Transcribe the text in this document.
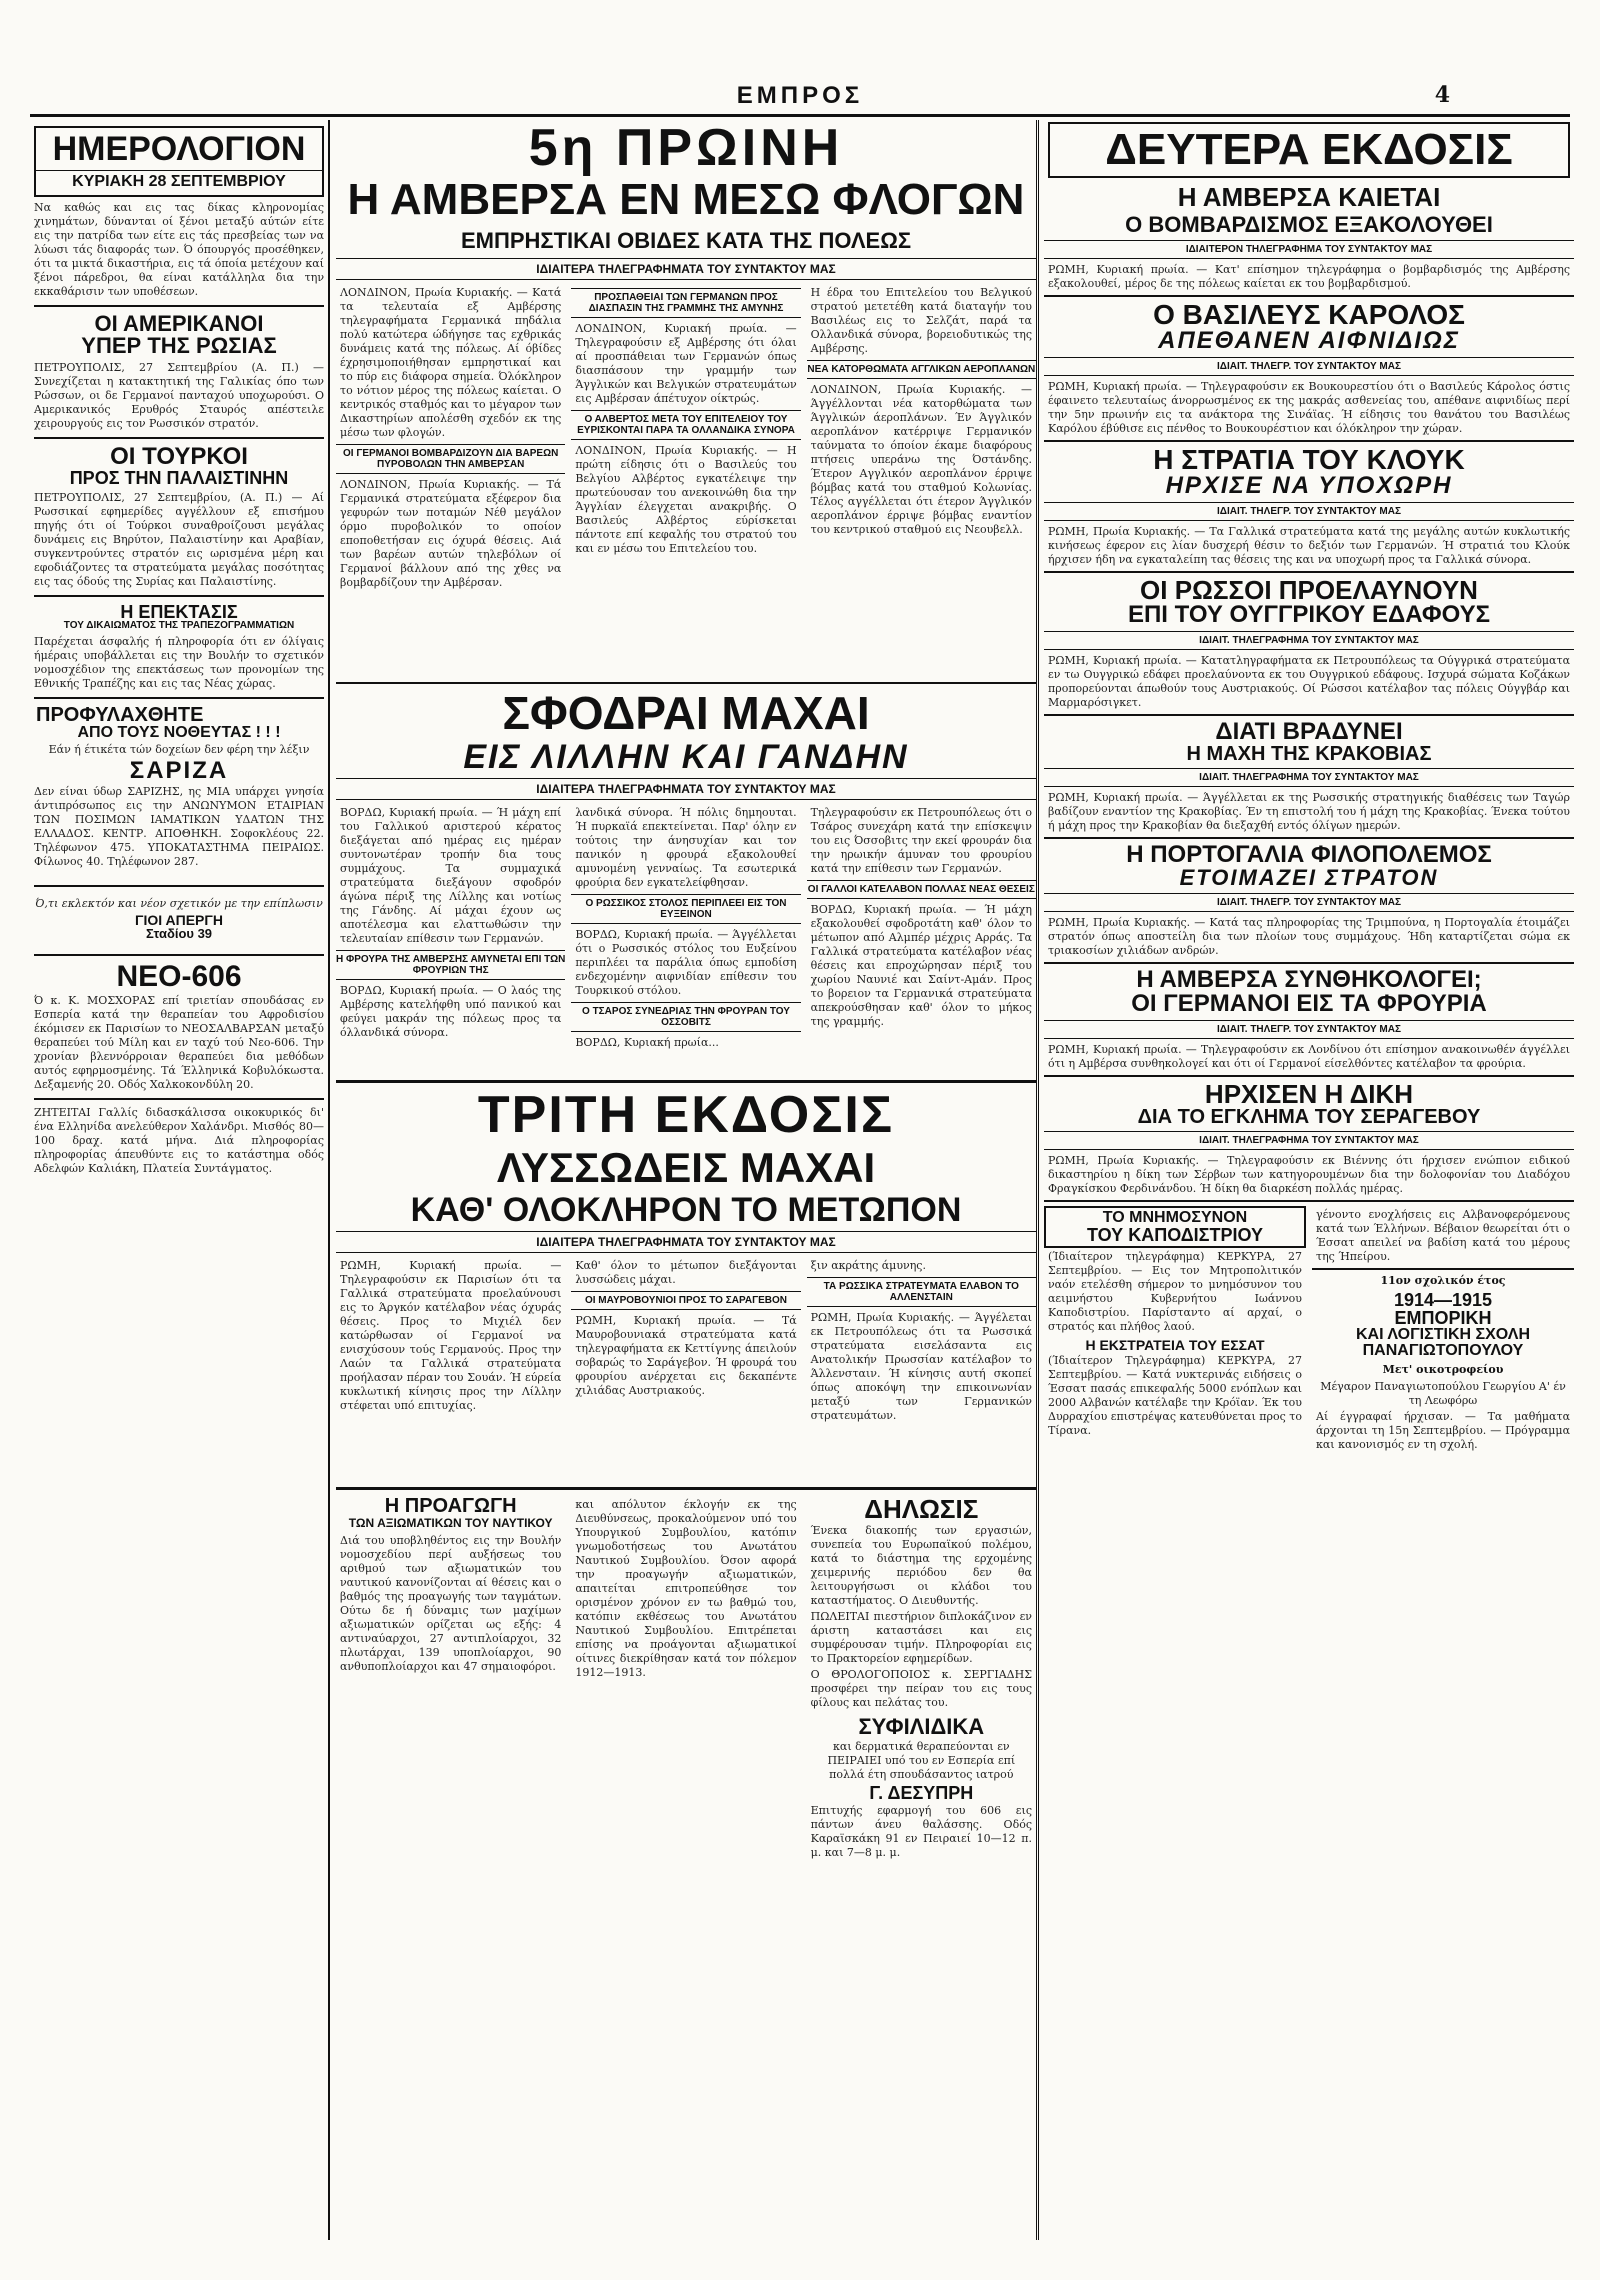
ΕΜΠΡΟΣ	4
ΗΜΕΡΟΛΟΓΙΟΝ
ΚΥΡΙΑΚΗ 28 ΣΕΠΤΕΜΒΡΙΟΥ
Να καθώς και εις τας δίκας κληρονομίας χινημάτων, δύνανται οί ξένοι μεταξύ αύτών είτε εις την πατρίδα των είτε εις τάς πρεσβείας των να λύωσι τάς διαφοράς των. Ό όπουργός προσέθηκεν, ότι τα μικτά δικαστήρια, εις τά όποία μετέχουν καί ξένοι πάρεδροι, θα είναι κατάλληλα δια την εκκαθάρισιν των υποθέσεων.
ΟΙ ΑΜΕΡΙΚΑΝΟΙ
ΥΠΕΡ ΤΗΣ ΡΩΣΙΑΣ
ΠΕΤΡΟΥΠΟΛΙΣ, 27 Σεπτεμβρίου (Α. Π.) — Συνεχίζεται η κατακτητική της Γαλικίας όπο των Ρώσσων, οι δε Γερμανοί πανταχού υποχωρούσι. Ο Αμερικανικός Ερυθρός Σταυρός απέστειλε χειρουργούς εις τον Ρωσσικόν στρατόν.
ΟΙ ΤΟΥΡΚΟΙ
ΠΡΟΣ ΤΗΝ ΠΑΛΑΙΣΤΙΝΗΝ
ΠΕΤΡΟΥΠΟΛΙΣ, 27 Σεπτεμβρίου, (Α. Π.) — Αί Ρωσσικαί εφημερίδες αγγέλλουν εξ επισήμου πηγής ότι οί Τούρκοι συναθροίζουσι μεγάλας δυνάμεις εις Βηρύτον, Παλαιστίνην και Αραβίαν, συγκεντρούντες στρατόν εις ωρισμένα μέρη και εφοδιάζοντες τα στρατεύματα μεγάλας ποσότητας εις τας όδούς της Συρίας και Παλαιστίνης.
Η ΕΠΕΚΤΑΣΙΣ
ΤΟΥ ΔΙΚΑΙΩΜΑΤΟΣ ΤΗΣ ΤΡΑΠΕΖΟΓΡΑΜΜΑΤΙΩΝ
Παρέχεται άσφαλής ή πληροφορία ότι εν όλίγαις ήμέραις υποβάλλεται εις την Βουλήν το σχετικόν νομοσχέδιον της επεκτάσεως των προνομίων της Εθνικής Τραπέζης και εις τας Νέας χώρας.
ΠΡΟΦΥΛΑΧΘΗΤΕ
ΑΠΟ ΤΟΥΣ ΝΟΘΕΥΤΑΣ ! ! !
Εάν ή έτικέτα τών δοχείων δεν φέρη την λέξιν
ΣΑΡΙΖΑ
Δεν είναι ύδωρ ΣΑΡΙΖΗΣ, ης ΜΙΑ υπάρχει γνησία άντιπρόσωπος εις την ΑΝΩΝΥΜΟΝ ΕΤΑΙΡΙΑΝ ΤΩΝ ΠΟΣΙΜΩΝ ΙΑΜΑΤΙΚΩΝ ΥΔΑΤΩΝ ΤΗΣ ΕΛΛΑΔΟΣ. ΚΕΝΤΡ. ΑΠΟΘΗΚΗ. Σοφοκλέους 22. Τηλέφωνον 475. ΥΠΟΚΑΤΑΣΤΗΜΑ ΠΕΙΡΑΙΩΣ. Φίλωνος 40. Τηλέφωνον 287.
Ό,τι εκλεκτόν και νέον σχετικόν με την επίπλωσιν
ΓΙΟΙ ΑΠΕΡΓΗ
Σταδίου 39
ΝΕΟ-606
Ό κ. Κ. ΜΟΣΧΟΡΑΣ επί τριετίαν σπουδάσας εν Εσπερία κατά την θεραπείαν του Αφροδισίου έκόμισεν εκ Παρισίων το ΝΕΟΣΑΛΒΑΡΣΑΝ μεταξύ θεραπεύει τού Μίλη και εν ταχύ τού Νεο-606. Την χρονίαν βλεννόρροιαν θεραπεύει δια μεθόδων αυτός εφηρμοσμένης. Τά Έλληνικά Κοβυλόκωστα. Δεξαμενής 20. Οδός Χαλκοκονδύλη 20.
ΖΗΤΕΙΤΑΙ Γαλλίς διδασκάλισσα οικοκυρικός δι' ένα Ελληνίδα ανελεύθερον Χαλάνδρι. Μισθός 80—100 δραχ. κατά μήνα. Διά πληροφορίας πληροφορίας άπευθύντε εις το κατάστημα οδός Αδελφών Καλιάκη, Πλατεία Συντάγματος.
5η ΠΡΩΙΝΗ
Η ΑΜΒΕΡΣΑ ΕΝ ΜΕΣΩ ΦΛΟΓΩΝ
ΕΜΠΡΗΣΤΙΚΑΙ ΟΒΙΔΕΣ ΚΑΤΑ ΤΗΣ ΠΟΛΕΩΣ
ΙΔΙΑΙΤΕΡΑ ΤΗΛΕΓΡΑΦΗΜΑΤΑ ΤΟΥ ΣΥΝΤΑΚΤΟΥ ΜΑΣ
ΛΟΝΔΙΝΟΝ, Πρωία Κυριακής. — Κατά τα τελευταία εξ Αμβέρσης τηλεγραφήματα Γερμανικά πηδάλια πολύ κατώτερα ώδήγησε τας εχθρικάς δυνάμεις κατά της πόλεως. Αί όβίδες έχρησιμοποιήθησαν εμπρηστικαί και το πύρ εις διάφορα σημεία. Όλόκληρον το νότιον μέρος της πόλεως καίεται. Ο κεντρικός σταθμός και το μέγαρον των Δικαστηρίων απολέσθη σχεδόν εκ της μέσω των φλογών.
ΟΙ ΓΕΡΜΑΝΟΙ ΒΟΜΒΑΡΔΙΖΟΥΝ ΔΙΑ ΒΑΡΕΩΝ ΠΥΡΟΒΟΛΩΝ ΤΗΝ ΑΜΒΕΡΣΑΝ
ΛΟΝΔΙΝΟΝ, Πρωία Κυριακής. — Τά Γερμανικά στρατεύματα εξέφερον δια γεφυρών των ποταμών Νέθ μεγάλον όρμο πυροβολικόν το οποίον εποποθετήσαν εις όχυρά θέσεις. Αιά των βαρέων αυτών τηλεβόλων οί Γερμανοί βάλλουν από της χθες να βομβαρδίζουν την Αμβέρσαν.
ΠΡΟΣΠΑΘΕΙΑΙ ΤΩΝ ΓΕΡΜΑΝΩΝ ΠΡΟΣ ΔΙΑΣΠΑΣΙΝ ΤΗΣ ΓΡΑΜΜΗΣ ΤΗΣ ΑΜΥΝΗΣ
ΛΟΝΔΙΝΟΝ, Κυριακή πρωία. — Τηλεγραφούσιν εξ Αμβέρσης ότι όλαι αί προσπάθειαι των Γερμανών όπως διασπάσουν την γραμμήν των Άγγλικών και Βελγικών στρατευμάτων εις Αμβέρσαν άπέτυχον οίκτρώς.
Ο ΑΛΒΕΡΤΟΣ ΜΕΤΑ ΤΟΥ ΕΠΙΤΕΛΕΙΟΥ ΤΟΥ ΕΥΡΙΣΚΟΝΤΑΙ ΠΑΡΑ ΤΑ ΟΛΛΑΝΔΙΚΑ ΣΥΝΟΡΑ
ΛΟΝΔΙΝΟΝ, Πρωία Κυριακής. — Η πρώτη είδησις ότι ο Βασιλεύς του Βελγίου Αλβέρτος εγκατέλειψε την πρωτεύουσαν του ανεκοινώθη δια την Άγγλίαν έλεγχεται ανακριβής. Ο Βασιλεύς Αλβέρτος εύρίσκεται πάντοτε επί κεφαλής του στρατού του και εν μέσω του Επιτελείου του.
Η έδρα του Επιτελείου του Βελγικού στρατού μετετέθη κατά διαταγήν του Βασιλέως εις το Σελζάτ, παρά τα Ολλανδικά σύνορα, βορειοδυτικώς της Αμβέρσης.
ΝΕΑ ΚΑΤΟΡΘΩΜΑΤΑ ΑΓΓΛΙΚΩΝ ΑΕΡΟΠΛΑΝΩΝ
ΛΟΝΔΙΝΟΝ, Πρωία Κυριακής. — Άγγέλλονται νέα κατορθώματα των Άγγλικών άεροπλάνων. Έν Άγγλικόν αεροπλάνον κατέρριψε Γερμανικόν ταύνματα το όποίον έκαμε διαφόρους πτήσεις υπεράνω της Όστάνδης. Έτερον Αγγλικόν αεροπλάνον έρριψε βόμβας κατά του σταθμού Κολωνίας. Τέλος αγγέλλεται ότι έτερον Άγγλικόν αεροπλάνον έρριψε βόμβας εναντίον του κεντρικού σταθμού εις Νεουβελλ.
ΣΦΟΔΡΑΙ ΜΑΧΑΙ
ΕΙΣ ΛΙΛΛΗΝ ΚΑΙ ΓΑΝΔΗΝ
ΙΔΙΑΙΤΕΡΑ ΤΗΛΕΓΡΑΦΗΜΑΤΑ ΤΟΥ ΣΥΝΤΑΚΤΟΥ ΜΑΣ
ΒΟΡΔΩ, Κυριακή πρωία. — Ή μάχη επί του Γαλλικού αριστερού κέρατος διεξάγεται από ημέρας εις ημέραν συντονωτέραν τροπήν δια τους συμμάχους. Τα συμμαχικά στρατεύματα διεξάγουν σφοδρόν άγώνα πέριξ της Λίλλης και νοτίως της Γάνδης. Αί μάχαι έχουν ως αποτέλεσμα και ελαττωθώσιν την τελευταίαν επίθεσιν των Γερμανών.
Η ΦΡΟΥΡΑ ΤΗΣ ΑΜΒΕΡΣΗΣ ΑΜΥΝΕΤΑΙ ΕΠΙ ΤΩΝ ΦΡΟΥΡΙΩΝ ΤΗΣ
ΒΟΡΔΩ, Κυριακή πρωία. — Ο λαός της Αμβέρσης κατελήφθη υπό πανικού και φεύγει μακράν της πόλεως προς τα όλλανδικά σύνορα.
λανδικά σύνορα. Ή πόλις δημηουται. Ή πυρκαϊά επεκτείνεται. Παρ' όλην εν τούτοις την άνησυχίαν και τον πανικόν η φρουρά εξακολουθεί αμυνομένη γενναίως. Τα εσωτερικά φρούρια δεν εγκατελείφθησαν.
Ο ΡΩΣΣΙΚΟΣ ΣΤΟΛΟΣ ΠΕΡΙΠΛΕΕΙ ΕΙΣ ΤΟΝ ΕΥΞΕΙΝΟΝ
ΒΟΡΔΩ, Κυριακή πρωία. — Άγγέλλεται ότι ο Ρωσσικός στόλος του Ευξείνου περιπλέει τα παράλια όπως εμποδίση ενδεχομένην αιφνιδίαν επίθεσιν του Τουρκικού στόλου.
Ο ΤΣΑΡΟΣ ΣΥΝΕΔΡΙΑΣ ΤΗΝ ΦΡΟΥΡΑΝ ΤΟΥ ΟΣΣΟΒΙΤΣ
ΒΟΡΔΩ, Κυριακή πρωία...
Τηλεγραφούσιν εκ Πετρουπόλεως ότι ο Τσάρος συνεχάρη κατά την επίσκεψιν του εις Όσσοβιτς την εκεί φρουράν δια την ηρωικήν άμυναν του φρουρίου κατά την επίθεσιν των Γερμανών.
ΟΙ ΓΑΛΛΟΙ ΚΑΤΕΛΑΒΟΝ ΠΟΛΛΑΣ ΝΕΑΣ ΘΕΣΕΙΣ
ΒΟΡΔΩ, Κυριακή πρωία. — Ή μάχη εξακολουθεί σφοδροτάτη καθ' όλον το μέτωπον από Αλμπέρ μέχρις Αρράς. Τα Γαλλικά στρατεύματα κατέλαβον νέας θέσεις και επροχώρησαν πέριξ του χωρίου Ναυνιέ και Σαίντ-Αμάν. Προς το βορειον τα Γερμανικά στρατεύματα απεκρούσθησαν καθ' όλον το μήκος της γραμμής.
ΤΡΙΤΗ ΕΚΔΟΣΙΣ
ΛΥΣΣΩΔΕΙΣ ΜΑΧΑΙ
ΚΑΘ' ΟΛΟΚΛΗΡΟΝ ΤΟ ΜΕΤΩΠΟΝ
ΙΔΙΑΙΤΕΡΑ ΤΗΛΕΓΡΑΦΗΜΑΤΑ ΤΟΥ ΣΥΝΤΑΚΤΟΥ ΜΑΣ
ΡΩΜΗ, Κυριακή πρωία. — Τηλεγραφούσιν εκ Παρισίων ότι τα Γαλλικά στρατεύματα προελαύνουσι εις το Άργκόν κατέλαβον νέας όχυράς θέσεις. Προς το Μιχιέλ δεν κατώρθωσαν οί Γερμανοί να ενισχύσουν τούς Γερμανούς. Προς την Λαών τα Γαλλικά στρατεύματα προήλασαν πέραν του Σουάν. Ή εύρεία κυκλωτική κίνησις προς την Λίλλην στέφεται υπό επιτυχίας.
Καθ' όλον το μέτωπον διεξάγονται λυσσώδεις μάχαι.
ΟΙ ΜΑΥΡΟΒΟΥΝΙΟΙ ΠΡΟΣ ΤΟ ΣΑΡΑΓΕΒΟΝ
ΡΩΜΗ, Κυριακή πρωία. — Τά Μαυροβουνιακά στρατεύματα κατά τηλεγραφήματα εκ Κεττίγνης άπειλούν σοβαρώς το Σαράγεβον. Ή φρουρά του φρουρίου ανέρχεται εις δεκαπέντε χιλιάδας Αυστριακούς.
ξιν ακράτης άμυνης.
ΤΑ ΡΩΣΣΙΚΑ ΣΤΡΑΤΕΥΜΑΤΑ ΕΛΑΒΟΝ ΤΟ ΑΛΛΕΝΣΤΑΙΝ
ΡΩΜΗ, Πρωία Κυριακής. — Άγγέλεται εκ Πετρουπόλεως ότι τα Ρωσσικά στρατεύματα εισελάσαντα εις Ανατολικήν Πρωσσίαν κατέλαβον το Άλλενσταιν. Ή κίνησις αυτή σκοπεί όπως αποκόψη την επικοινωνίαν μεταξύ των Γερμανικών στρατευμάτων.
Η ΠΡΟΑΓΩΓΗ
ΤΩΝ ΑΞΙΩΜΑΤΙΚΩΝ ΤΟΥ ΝΑΥΤΙΚΟΥ
Διά του υποβληθέντος εις την Βουλήν νομοσχεδίου περί αυξήσεως του αριθμού των αξιωματικών του ναυτικού κανονίζονται αί θέσεις και ο βαθμός της προαγωγής των ταγμάτων. Ούτω δε ή δύναμις των μαχίμων αξιωματικών ορίζεται ως εξής: 4 αντιναύαρχοι, 27 αντιπλοίαρχοι, 32 πλωτάρχαι, 139 υποπλοίαρχοι, 90 ανθυποπλοίαρχοι και 47 σημαιοφόροι.
και απόλυτον έκλογήν εκ της Διευθύνσεως, προκαλούμενον υπό του Υπουργικού Συμβουλίου, κατόπιν γνωμοδοτήσεως του Ανωτάτου Ναυτικού Συμβουλίου. Όσον αφορά την προαγωγήν αξιωματικών, απαιτείται επιτροπεύθησε τον ορισμένον χρόνον εν τω βαθμώ του, κατόπιν εκθέσεως του Ανωτάτου Ναυτικού Συμβουλίου. Επιτρέπεται επίσης να προάγονται αξιωματικοί οίτινες διεκρίθησαν κατά τον πόλεμον 1912—1913.
ΔΗΛΩΣΙΣ
Ένεκα διακοπής των εργασιών, συνεπεία του Ευρωπαϊκού πολέμου, κατά το διάστημα της ερχομένης χειμερινής περιόδου δεν θα λειτουργήσωσι οι κλάδοι του καταστήματος. Ο Διευθυντής.
ΠΩΛΕΙΤΑΙ πιεστήριον διπλοκάζινον εν άριστη καταστάσει και εις συμφέρουσαν τιμήν. Πληροφορίαι εις το Πρακτορείον εφημερίδων.
Ο ΘΡΟΛΟΓΟΠΟΙΟΣ κ. ΣΕΡΓΙΑΔΗΣ προσφέρει την πείραν του εις τους φίλους και πελάτας του.
ΣΥΦΙΛΙΔΙΚΑ
και δερματικά θεραπεύονται εν ΠΕΙΡΑΙΕΙ υπό του εν Εσπερία επί πολλά έτη σπουδάσαντος ιατρού
Γ. ΔΕΣΥΠΡΗ
Επιτυχής εφαρμογή του 606 εις πάντων άνευ θαλάσσης. Οδός Καραϊσκάκη 91 εν Πειραιεί 10—12 π. μ. και 7—8 μ. μ.
ΔΕΥΤΕΡΑ ΕΚΔΟΣΙΣ
Η ΑΜΒΕΡΣΑ ΚΑΙΕΤΑΙ
Ο ΒΟΜΒΑΡΔΙΣΜΟΣ ΕΞΑΚΟΛΟΥΘΕΙ
ΙΔΙΑΙΤΕΡΟΝ ΤΗΛΕΓΡΑΦΗΜΑ ΤΟΥ ΣΥΝΤΑΚΤΟΥ ΜΑΣ
ΡΩΜΗ, Κυριακή πρωία. — Κατ' επίσημον τηλεγράφημα ο βομβαρδισμός της Αμβέρσης εξακολουθεί, μέρος δε της πόλεως καίεται εκ του βομβαρδισμού.
Ο ΒΑΣΙΛΕΥΣ ΚΑΡΟΛΟΣ
ΑΠΕΘΑΝΕΝ ΑΙΦΝΙΔΙΩΣ
ΙΔΙΑΙΤ. ΤΗΛΕΓΡ. ΤΟΥ ΣΥΝΤΑΚΤΟΥ ΜΑΣ
ΡΩΜΗ, Κυριακή πρωία. — Τηλεγραφούσιν εκ Βουκουρεστίου ότι ο Βασιλεύς Κάρολος όστις έφαινετο τελευταίως άνορρωσμένος εκ της μακράς ασθενείας του, απέθανε αιφνιδίως περί την 5ην πρωινήν εις τα ανάκτορα της Σινάϊας. Ή είδησις του θανάτου του Βασιλέως Καρόλου έβύθισε εις πένθος το Βουκουρέστιον και όλόκληρον την χώραν.
Η ΣΤΡΑΤΙΑ ΤΟΥ ΚΛΟΥΚ
ΗΡΧΙΣΕ ΝΑ ΥΠΟΧΩΡΗ
ΙΔΙΑΙΤ. ΤΗΛΕΓΡ. ΤΟΥ ΣΥΝΤΑΚΤΟΥ ΜΑΣ
ΡΩΜΗ, Πρωία Κυριακής. — Τα Γαλλικά στρατεύματα κατά της μεγάλης αυτών κυκλωτικής κινήσεως έφερον εις λίαν δυσχερή θέσιν το δεξιόν των Γερμανών. Ή στρατιά του Κλούκ ήρχισεν ήδη να εγκαταλείπη τας θέσεις της και να υποχωρή προς τα Γαλλικά σύνορα.
ΟΙ ΡΩΣΣΟΙ ΠΡΟΕΛΑΥΝΟΥΝ
ΕΠΙ ΤΟΥ ΟΥΓΓΡΙΚΟΥ ΕΔΑΦΟΥΣ
ΙΔΙΑΙΤ. ΤΗΛΕΓΡΑΦΗΜΑ ΤΟΥ ΣΥΝΤΑΚΤΟΥ ΜΑΣ
ΡΩΜΗ, Κυριακή πρωία. — Κατατληγραφήματα εκ Πετρουπόλεως τα Ούγγρικά στρατεύματα εν τω Ουγγρικώ εδάφει προελαύνοντα εκ του Ουγγρικού εδάφους. Ισχυρά σώματα Κοζάκων προπορεύονται άπωθούν τους Αυστριακούς. Οί Ρώσσοι κατέλαβον τας πόλεις Ούγγβάρ και Μαρμαρόσιγκετ.
ΔΙΑΤΙ ΒΡΑΔΥΝΕΙ
Η ΜΑΧΗ ΤΗΣ ΚΡΑΚΟΒΙΑΣ
ΙΔΙΑΙΤ. ΤΗΛΕΓΡΑΦΗΜΑ ΤΟΥ ΣΥΝΤΑΚΤΟΥ ΜΑΣ
ΡΩΜΗ, Κυριακή πρωία. — Άγγέλλεται εκ της Ρωσσικής στρατηγικής διαθέσεις των Ταγώρ βαδίζουν εναντίον της Κρακοβίας. Έν τη επιστολή του ή μάχη της Κρακοβίας. Ένεκα τούτου ή μάχη προς την Κρακοβίαν θα διεξαχθή εντός όλίγων ημερών.
Η ΠΟΡΤΟΓΑΛΙΑ ΦΙΛΟΠΟΛΕΜΟΣ
ΕΤΟΙΜΑΖΕΙ ΣΤΡΑΤΟΝ
ΙΔΙΑΙΤ. ΤΗΛΕΓΡ. ΤΟΥ ΣΥΝΤΑΚΤΟΥ ΜΑΣ
ΡΩΜΗ, Πρωία Κυριακής. — Κατά τας πληροφορίας της Τριμπούνα, η Πορτογαλία έτοιμάζει στρατόν όπως αποστείλη δια των πλοίων τους συμμάχους. Ήδη καταρτίζεται σώμα εκ τριακοσίων χιλιάδων ανδρών.
Η ΑΜΒΕΡΣΑ ΣΥΝΘΗΚΟΛΟΓΕΙ;
ΟΙ ΓΕΡΜΑΝΟΙ ΕΙΣ ΤΑ ΦΡΟΥΡΙΑ
ΙΔΙΑΙΤ. ΤΗΛΕΓΡ. ΤΟΥ ΣΥΝΤΑΚΤΟΥ ΜΑΣ
ΡΩΜΗ, Κυριακή πρωία. — Τηλεγραφούσιν εκ Λονδίνου ότι επίσημον ανακοινωθέν άγγέλλει ότι η Αμβέρσα συνθηκολογεί και ότι οί Γερμανοί είσελθόντες κατέλαβον τα φρούρια.
ΗΡΧΙΣΕΝ Η ΔΙΚΗ
ΔΙΑ ΤΟ ΕΓΚΛΗΜΑ ΤΟΥ ΣΕΡΑΓΕΒΟΥ
ΙΔΙΑΙΤ. ΤΗΛΕΓΡΑΦΗΜΑ ΤΟΥ ΣΥΝΤΑΚΤΟΥ ΜΑΣ
ΡΩΜΗ, Πρωία Κυριακής. — Τηλεγραφούσιν εκ Βιέννης ότι ήρχισεν ενώπιον ειδικού δικαστηρίου η δίκη των Σέρβων των κατηγορουμένων δια την δολοφονίαν του Διαδόχου Φραγκίσκου Φερδινάνδου. Ή δίκη θα διαρκέση πολλάς ημέρας.
ΤΟ ΜΝΗΜΟΣΥΝΟΝ
ΤΟΥ ΚΑΠΟΔΙΣΤΡΙΟΥ
(Ίδιαίτερον τηλεγράφημα) ΚΕΡΚΥΡΑ, 27 Σεπτεμβρίου. — Εις τον Μητροπολιτικόν ναόν ετελέσθη σήμερον το μνημόσυνον του αειμνήστου Κυβερνήτου Ιωάννου Καποδιστρίου. Παρίσταντο αί αρχαί, ο στρατός και πλήθος λαού.
Η ΕΚΣΤΡΑΤΕΙΑ ΤΟΥ ΕΣΣΑΤ
(Ίδιαίτερον Τηλεγράφημα) ΚΕΡΚΥΡΑ, 27 Σεπτεμβρίου. — Κατά νυκτερινάς ειδήσεις ο Έσσατ πασάς επικεφαλής 5000 ενόπλων και 2000 Αλβανών κατέλαβε την Κρόϊαν. Έκ του Δυρραχίου επιστρέψας κατευθύνεται προς το Τίρανα.
γένοντο ενοχλήσεις εις Αλβανοφερόμενους κατά των Έλλήνων. Βέβαιον θεωρείται ότι ο Έσσατ απειλεί να βαδίση κατά του μέρους της Ήπείρου.
11ον σχολικόν έτος
1914—1915
ΕΜΠΟΡΙΚΗ
ΚΑΙ ΛΟΓΙΣΤΙΚΗ ΣΧΟΛΗ
ΠΑΝΑΓΙΩΤΟΠΟΥΛΟΥ
Μετ' οικοτροφείου
Μέγαρον Παναγιωτοπούλου Γεωργίου Α' έν τη Λεωφόρω
Αί έγγραφαί ήρχισαν. — Τα μαθήματα άρχονται τη 15η Σεπτεμβρίου. — Πρόγραμμα και κανονισμός εν τη σχολή.
